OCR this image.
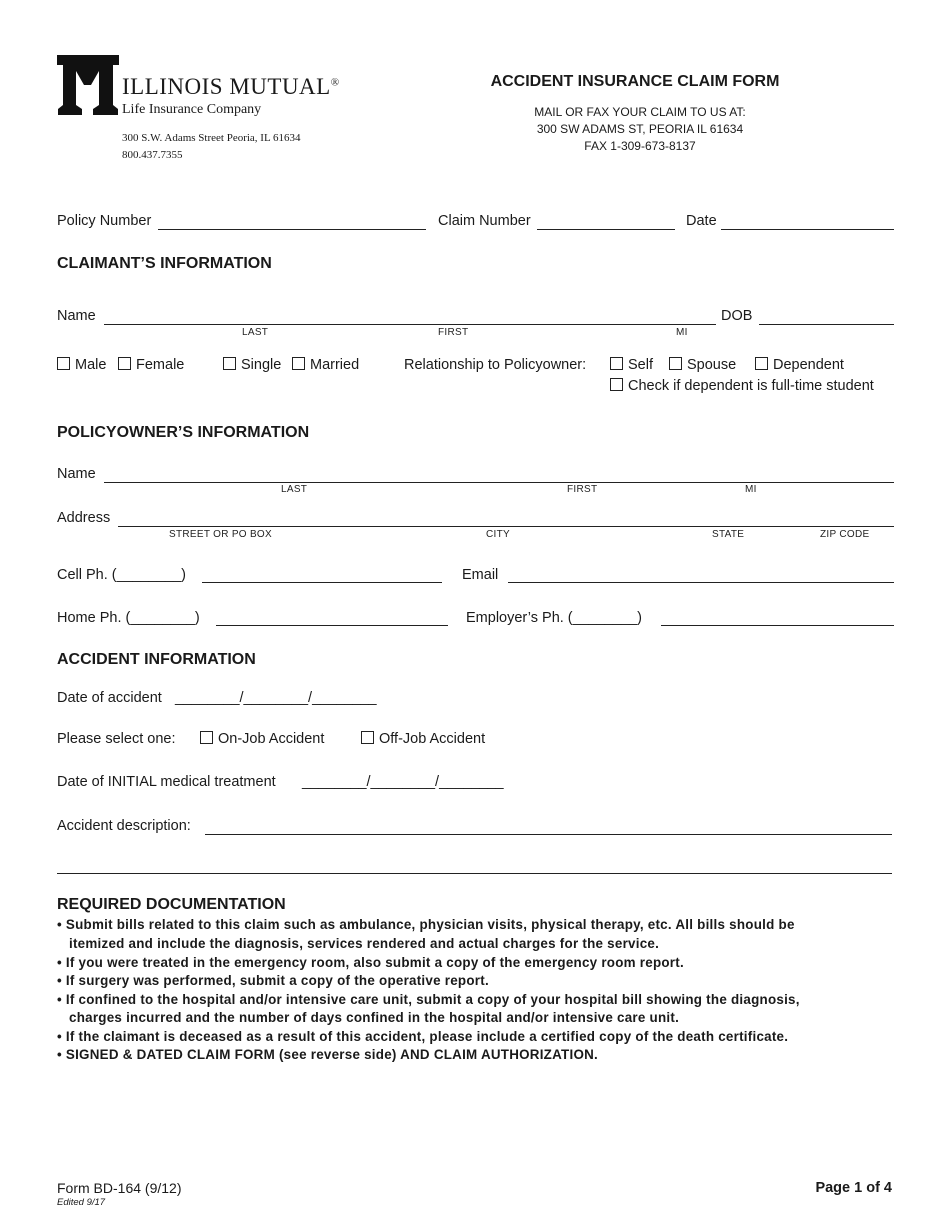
ILLINOIS MUTUAL®
Life Insurance Company
300 S.W. Adams Street Peoria, IL 61634
800.437.7355
ACCIDENT INSURANCE CLAIM FORM
MAIL OR FAX YOUR CLAIM TO US AT:
300 SW ADAMS ST, PEORIA IL 61634
FAX 1-309-673-8137
Policy Number	Claim Number	Date
CLAIMANT’S INFORMATION
Name	DOB
LAST	FIRST	MI
Male	Female	Single	Married	Relationship to Policyowner:	Self	Spouse	Dependent
Check if dependent is full-time student
POLICYOWNER’S INFORMATION
Name
LAST	FIRST	MI
Address
STREET OR PO BOX	CITY	STATE	ZIP CODE
Cell Ph. (________)	Email
Home Ph. (________)	Employer’s Ph. (________)
ACCIDENT INFORMATION
Date of accident ________/________/________
Please select one:	On-Job Accident	Off-Job Accident
Date of INITIAL medical treatment ________/________/________
Accident description:
REQUIRED DOCUMENTATION
• Submit bills related to this claim such as ambulance, physician visits, physical therapy, etc. All bills should be
itemized and include the diagnosis, services rendered and actual charges for the service.
• If you were treated in the emergency room, also submit a copy of the emergency room report.
• If surgery was performed, submit a copy of the operative report.
• If confined to the hospital and/or intensive care unit, submit a copy of your hospital bill showing the diagnosis,
charges incurred and the number of days confined in the hospital and/or intensive care unit.
• If the claimant is deceased as a result of this accident, please include a certified copy of the death certificate.
• SIGNED & DATED CLAIM FORM (see reverse side) AND CLAIM AUTHORIZATION.
Form BD-164 (9/12)
Edited 9/17
Page 1 of 4
